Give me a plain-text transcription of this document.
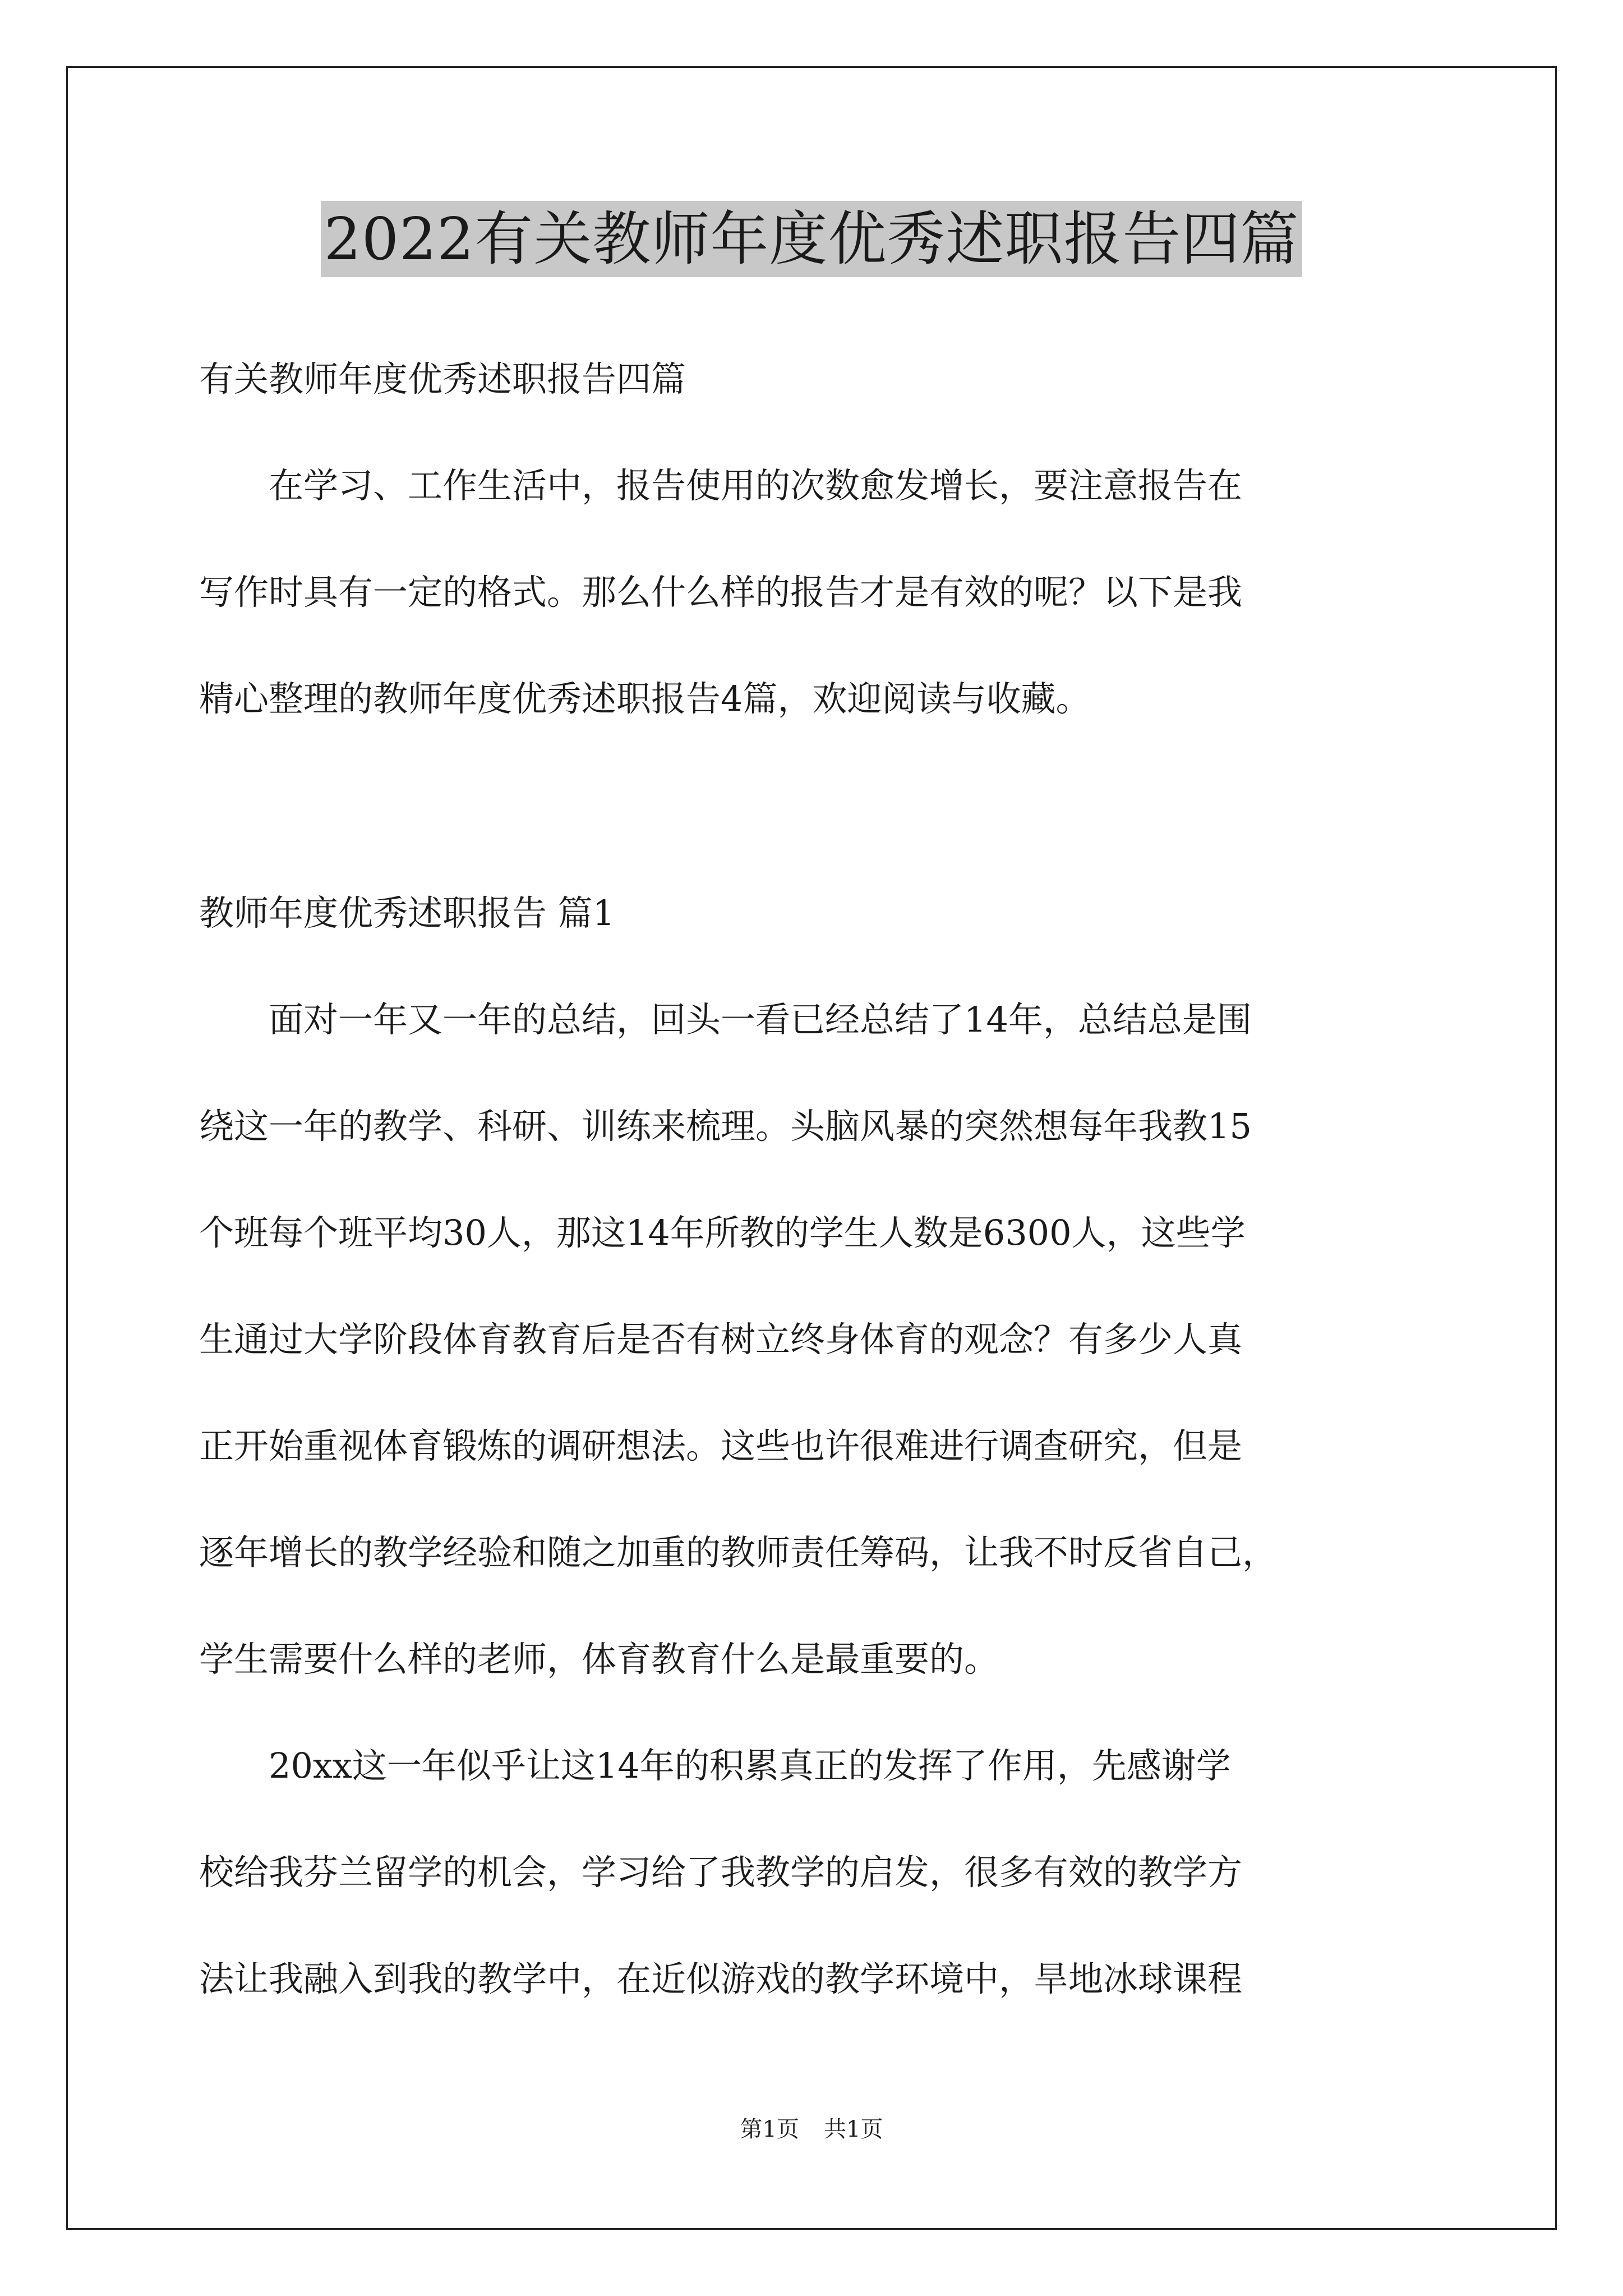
2022有关教师年度优秀述职报告四篇
有关教师年度优秀述职报告四篇
　　在学习、工作生活中，报告使用的次数愈发增长，要注意报告在
写作时具有一定的格式。那么什么样的报告才是有效的呢？以下是我
精心整理的教师年度优秀述职报告4篇，欢迎阅读与收藏。
教师年度优秀述职报告 篇1
　　面对一年又一年的总结，回头一看已经总结了14年，总结总是围
绕这一年的教学、科研、训练来梳理。头脑风暴的突然想每年我教15
个班每个班平均30人，那这14年所教的学生人数是6300人，这些学
生通过大学阶段体育教育后是否有树立终身体育的观念？有多少人真
正开始重视体育锻炼的调研想法。这些也许很难进行调查研究，但是
逐年增长的教学经验和随之加重的教师责任筹码，让我不时反省自己，
学生需要什么样的老师，体育教育什么是最重要的。
　　20xx这一年似乎让这14年的积累真正的发挥了作用，先感谢学
校给我芬兰留学的机会，学习给了我教学的启发，很多有效的教学方
法让我融入到我的教学中，在近似游戏的教学环境中，旱地冰球课程
第1页 共1页
